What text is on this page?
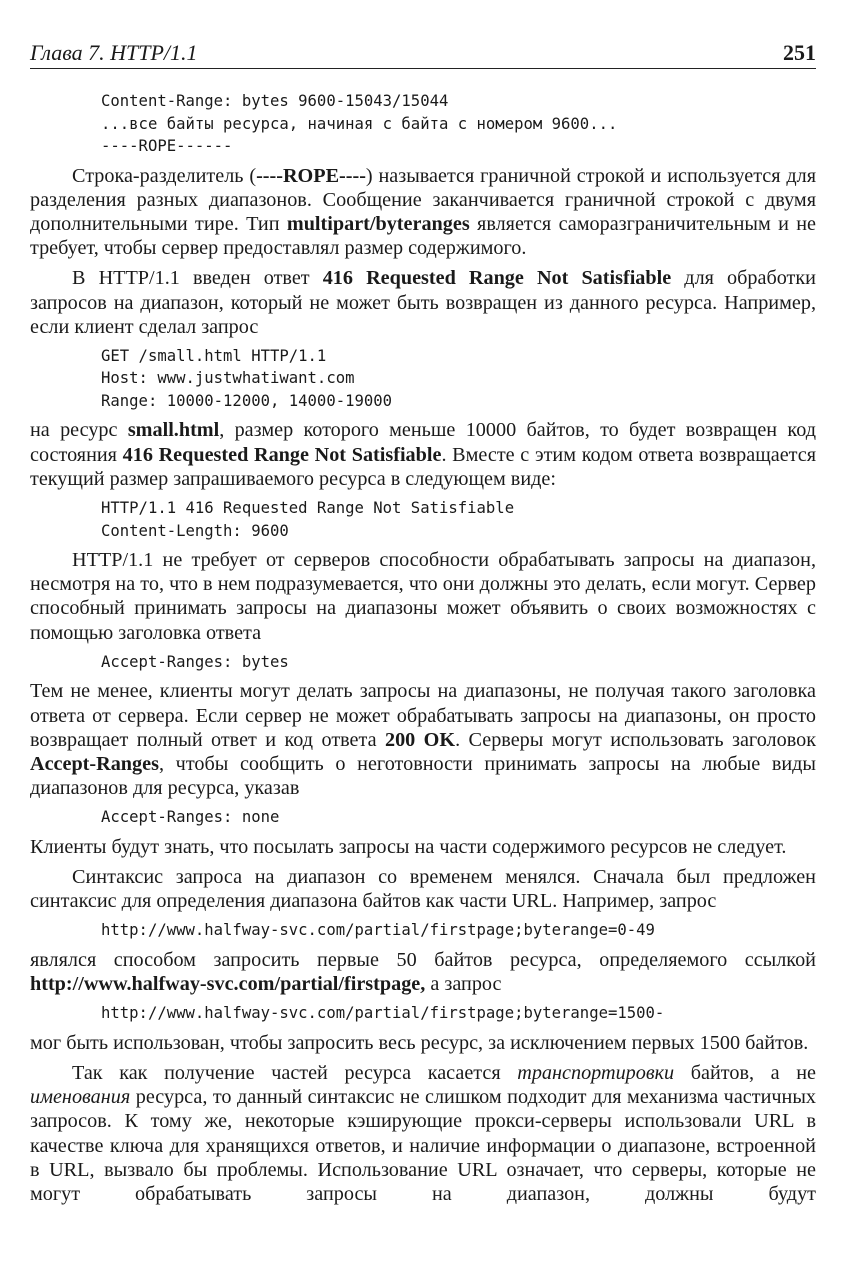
Глава 7. HTTP/1.1	251
Content-Range: bytes 9600-15043/15044
...все байты ресурса, начиная с байта с номером 9600...
----ROPE------

Строка-разделитель (----ROPE----) называется граничной строкой и используется для разделения разных диапазонов. Сообщение заканчивается граничной строкой с двумя дополнительными тире. Тип multipart/byteranges является саморазграничительным и не требует, чтобы сервер предоставлял размер содержимого.

В HTTP/1.1 введен ответ 416 Requested Range Not Satisfiable для обработки запросов на диапазон, который не может быть возвращен из данного ресурса. Например, если клиент сделал запрос

GET /small.html HTTP/1.1
Host: www.justwhatiwant.com
Range: 10000-12000, 14000-19000

на ресурс small.html, размер которого меньше 10000 байтов, то будет возвращен код состояния 416 Requested Range Not Satisfiable. Вместе с этим кодом ответа возвращается текущий размер запрашиваемого ресурса в следующем виде:

HTTP/1.1 416 Requested Range Not Satisfiable
Content-Length: 9600

HTTP/1.1 не требует от серверов способности обрабатывать запросы на диапазон, несмотря на то, что в нем подразумевается, что они должны это делать, если могут. Сервер способный принимать запросы на диапазоны может объявить о своих возможностях с помощью заголовка ответа

Accept-Ranges: bytes

Тем не менее, клиенты могут делать запросы на диапазоны, не получая такого заголовка ответа от сервера. Если сервер не может обрабатывать запросы на диапазоны, он просто возвращает полный ответ и код ответа 200 OK. Серверы могут использовать заголовок Accept-Ranges, чтобы сообщить о неготовности принимать запросы на любые виды диапазонов для ресурса, указав

Accept-Ranges: none

Клиенты будут знать, что посылать запросы на части содержимого ресурсов не следует.

Синтаксис запроса на диапазон со временем менялся. Сначала был предложен синтаксис для определения диапазона байтов как части URL. Например, запрос

http://www.halfway-svc.com/partial/firstpage;byterange=0-49

являлся способом запросить первые 50 байтов ресурса, определяемого ссылкой http://www.halfway-svc.com/partial/firstpage, а запрос

http://www.halfway-svc.com/partial/firstpage;byterange=1500-

мог быть использован, чтобы запросить весь ресурс, за исключением первых 1500 байтов.

Так как получение частей ресурса касается транспортировки байтов, а не именования ресурса, то данный синтаксис не слишком подходит для механизма частичных запросов. К тому же, некоторые кэширующие прокси-серверы использовали URL в качестве ключа для хранящихся ответов, и наличие информации о диапазоне, встроенной в URL, вызвало бы проблемы. Использование URL означает, что серверы, которые не могут обрабатывать запросы на диапазон, должны будут
